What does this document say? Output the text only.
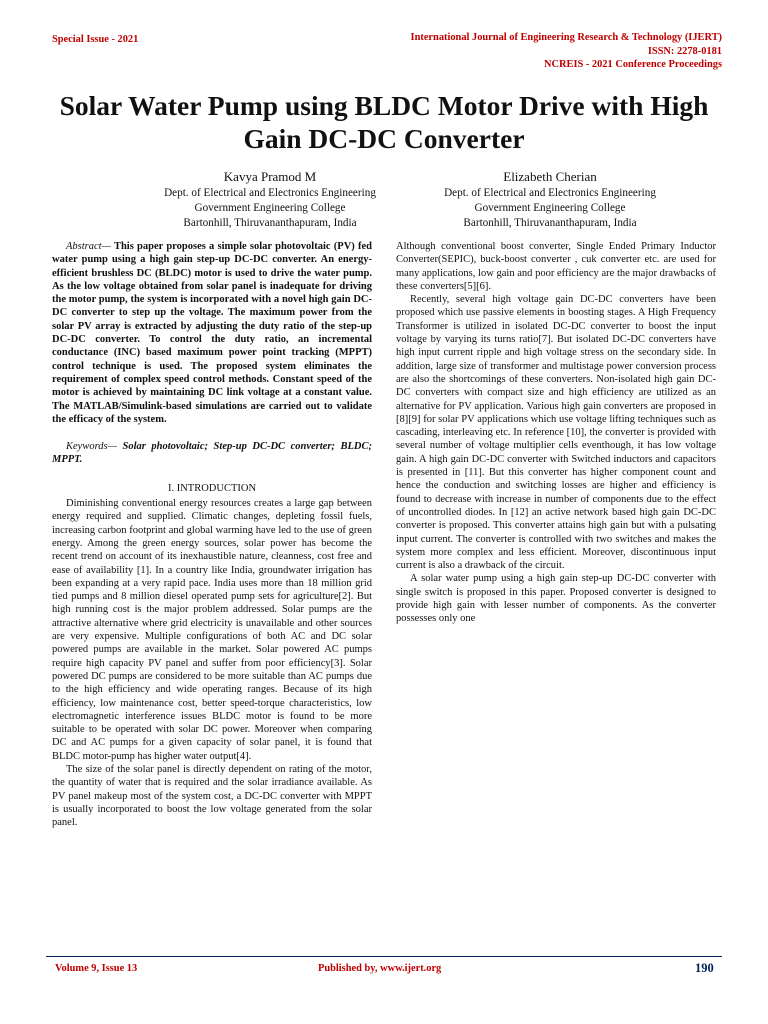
Special Issue - 2021	International Journal of Engineering Research & Technology (IJERT)
ISSN: 2278-0181
NCREIS - 2021 Conference Proceedings
Solar Water Pump using BLDC Motor Drive with High Gain DC-DC Converter
Kavya Pramod M
Dept. of Electrical and Electronics Engineering
Government Engineering College
Bartonhill, Thiruvananthapuram, India
Elizabeth Cherian
Dept. of Electrical and Electronics Engineering
Government Engineering College
Bartonhill, Thiruvananthapuram, India

Abstract— This paper proposes a simple solar photovoltaic (PV) fed water pump using a high gain step-up DC-DC converter. An energy-efficient brushless DC (BLDC) motor is used to drive the water pump. As the low voltage obtained from solar panel is inadequate for driving the motor pump, the system is incorporated with a novel high gain DC-DC converter to step up the voltage. The maximum power from the solar PV array is extracted by adjusting the duty ratio of the step-up DC-DC converter. To control the duty ratio, an incremental conductance (INC) based maximum power point tracking (MPPT) control technique is used. The proposed system eliminates the requirement of complex speed control methods. Constant speed of the motor is achieved by maintaining DC link voltage at a constant value. The MATLAB/Simulink-based simulations are carried out to validate the efficacy of the system.

Keywords— Solar photovoltaic; Step-up DC-DC converter; BLDC; MPPT.

I. INTRODUCTION

Diminishing conventional energy resources creates a large gap between energy required and supplied. Climatic changes, depleting fossil fuels, increasing carbon footprint and global warming have led to the use of green energy. Among the green energy sources, solar power has become the recent trend on account of its inexhaustible nature, cleanness, cost free and ease of availability [1]. In a country like India, groundwater irrigation has been expanding at a very rapid pace. India uses more than 18 million grid tied pumps and 8 million diesel operated pump sets for agriculture[2]. But high running cost is the major problem addressed. Solar pumps are the attractive alternative where grid electricity is unavailable and other sources are very expensive. Multiple configurations of both AC and DC solar powered pumps are available in the market. Solar powered AC pumps require high capacity PV panel and suffer from poor efficiency[3]. Solar powered DC pumps are considered to be more suitable than AC pumps due to the high efficiency and wide operating ranges. Because of its high efficiency, low maintenance cost, better speed-torque characteristics, low electromagnetic interference issues BLDC motor is found to be more suitable to be operated with solar DC power. Moreover when comparing DC and AC pumps for a given capacity of solar panel, it is found that BLDC motor-pump has higher water output[4].

The size of the solar panel is directly dependent on rating of the motor, the quantity of water that is required and the solar irradiance available. As PV panel makeup most of the system cost, a DC-DC converter with MPPT is usually incorporated to boost the low voltage generated from the solar panel.

Although conventional boost converter, Single Ended Primary Inductor Converter(SEPIC), buck-boost converter , cuk converter etc. are used for many applications, low gain and poor efficiency are the major drawbacks of these converters[5][6].

Recently, several high voltage gain DC-DC converters have been proposed which use passive elements in boosting stages. A High Frequency Transformer is utilized in isolated DC-DC converter to boost the input voltage by varying its turns ratio[7]. But isolated DC-DC converters have high input current ripple and high voltage stress on the secondary side. In addition, large size of transformer and multistage power conversion process are also the shortcomings of these converters. Non-isolated high gain DC-DC converters with compact size and high efficiency are utilized as an alternative for PV application. Various high gain converters are proposed in [8][9] for solar PV applications which use voltage lifting techniques such as cascading, interleaving etc. In reference [10], the converter is provided with several number of voltage multiplier cells eventhough, it has low voltage gain. A high gain DC-DC converter with Switched inductors and capacitors is presented in [11]. But this converter has higher component count and hence the conduction and switching losses are higher and efficiency is found to decrease with increase in number of components due to the effect of uncontrolled diodes. In [12] an active network based high gain DC-DC converter is proposed. This converter attains high gain but with a pulsating input current. The converter is controlled with two switches and makes the system more complex and less efficient. Moreover, discontinuous input current is also a drawback of the circuit.

A solar water pump using a high gain step-up DC-DC converter with single switch is proposed in this paper. Proposed converter is designed to provide high gain with lesser number of components. As the converter possesses only one

Volume 9, Issue 13	Published by, www.ijert.org	190
